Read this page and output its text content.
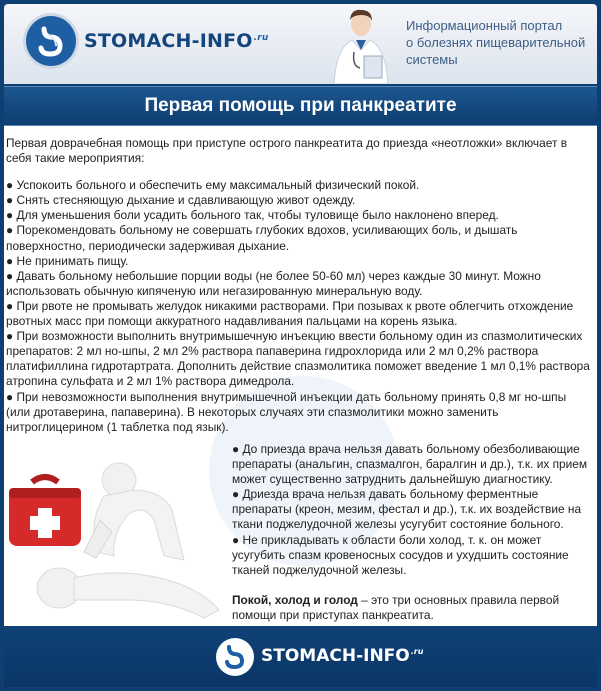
STOMACH-$INFO^{.ru}$
Информационный портал
о болезнях пищеварительной
системы
Первая помощь при панкреатите

Первая доврачебная помощь при приступе острого панкреатита до приезда «неотложки» включает в себя такие мероприятия:

● Успокоить больного и обеспечить ему максимальный физический покой.

● Снять стесняющую дыхание и сдавливающую живот одежду.

● Для уменьшения боли усадить больного так, чтобы туловище было наклонено вперед.

● Порекомендовать больному не совершать глубоких вдохов, усиливающих боль, и дышать поверхностно, периодически задерживая дыхание.

● Не принимать пищу.

● Давать больному небольшие порции воды (не более 50-60 мл) через каждые 30 минут. Можно использовать обычную кипяченую или негазированную минеральную воду.

● При рвоте не промывать желудок никакими растворами. При позывах к рвоте облегчить отхождение рвотных масс при помощи аккуратного надавливания пальцами на корень языка.

● При возможности выполнить внутримышечную инъекцию ввести больному один из спазмолитических препаратов: 2 мл но-шпы, 2 мл 2% раствора папаверина гидрохлорида или 2 мл 0,2% раствора платифиллина гидротартрата. Дополнить действие спазмолитика поможет введение 1 мл 0,1% раствора атропина сульфата и 2 мл 1% раствора димедрола.

● При невозможности выполнения внутримышечной инъекции дать больному принять 0,8 мг но-шпы (или дротаверина, папаверина). В некоторых случаях эти спазмолитики можно заменить нитроглицерином (1 таблетка под язык).

● До приезда врача нельзя давать больному обезболивающие препараты (анальгин, спазмалгон, баралгин и др.), т.к. их прием может существенно затруднить дальнейшую диагностику.

● Дриезда врача нельзя давать больному ферментные препараты (креон, мезим, фестал и др.), т.к. их воздействие на ткани поджелудочной железы усугубит состояние больного.

● Не прикладывать к области боли холод, т. к. он может усугубить спазм кровеносных сосудов и ухудшить состояние тканей поджелудочной железы.

Покой, холод и голод – это три основных правила первой помощи при приступах панкреатита.

STOMACH-$INFO^{.ru}$
